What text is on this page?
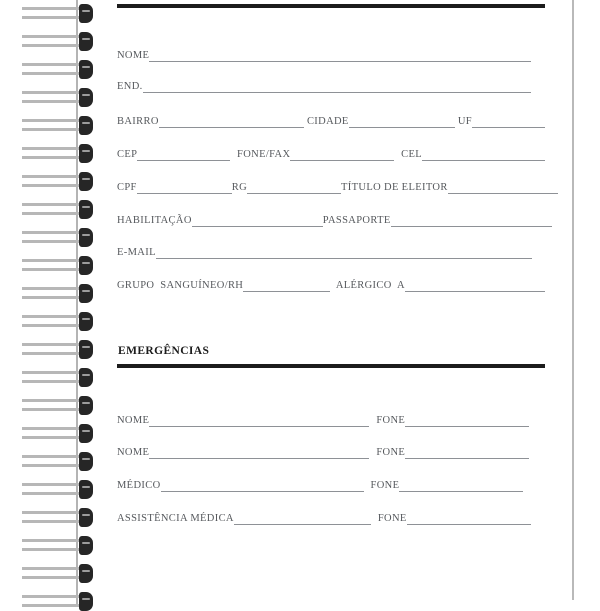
NOME
END.
BAIRRO	CIDADE	UF
CEP	FONE/FAX	CEL
CPF	RG	TÍTULO DE ELEITOR
HABILITAÇÃO	PASSAPORTE
E-MAIL
GRUPO  SANGUÍNEO/RH	ALÉRGICO  A
EMERGÊNCIAS
NOME	FONE
NOME	FONE
MÉDICO	FONE
ASSISTÊNCIA MÉDICA	FONE
